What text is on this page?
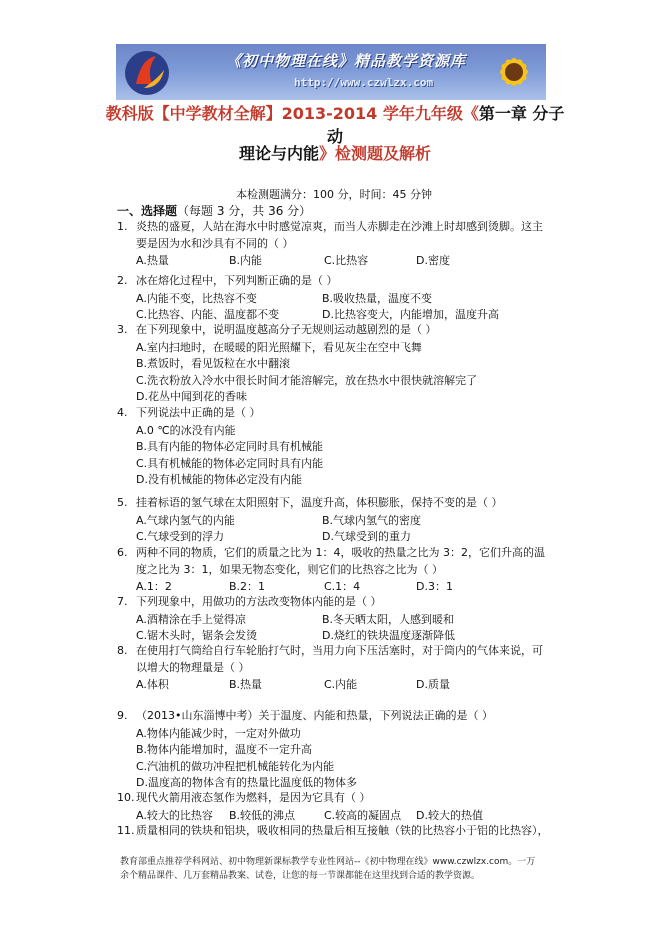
《初中物理在线》精品教学资源库
http://www.czwlzx.com
教科版【中学教材全解】2013-2014 学年九年级《第一章 分子动
理论与内能》检测题及解析
本检测题满分：100 分，时间：45 分钟
一、选择题（每题 3 分，共 36 分）
1. 炎热的盛夏，人站在海水中时感觉凉爽，而当人赤脚走在沙滩上时却感到烫脚。这主
要是因为水和沙具有不同的（ ）
A.热量	B.内能	C.比热容	D.密度
2. 冰在熔化过程中，下列判断正确的是（ ）
A.内能不变，比热容不变	B.吸收热量，温度不变
C.比热容、内能、温度都不变	D.比热容变大，内能增加，温度升高
3. 在下列现象中，说明温度越高分子无规则运动越剧烈的是（ ）
A.室内扫地时，在暖暖的阳光照耀下，看见灰尘在空中飞舞
B.煮饭时，看见饭粒在水中翻滚
C.洗衣粉放入冷水中很长时间才能溶解完，放在热水中很快就溶解完了
D.花丛中闻到花的香味
4. 下列说法中正确的是（ ）
A.0 ℃的冰没有内能
B.具有内能的物体必定同时具有机械能
C.具有机械能的物体必定同时具有内能
D.没有机械能的物体必定没有内能
5. 挂着标语的氢气球在太阳照射下，温度升高，体积膨胀，保持不变的是（ ）
A.气球内氢气的内能	B.气球内氢气的密度
C.气球受到的浮力	D.气球受到的重力
6. 两种不同的物质，它们的质量之比为 1：4，吸收的热量之比为 3：2，它们升高的温
度之比为 3：1，如果无物态变化，则它们的比热容之比为（ ）
A.1：2	B.2：1	C.1：4	D.3：1
7. 下列现象中，用做功的方法改变物体内能的是（ ）
A.酒精涂在手上觉得凉	B.冬天晒太阳，人感到暖和
C.锯木头时，锯条会发烫	D.烧红的铁块温度逐渐降低
8. 在使用打气筒给自行车轮胎打气时，当用力向下压活塞时，对于筒内的气体来说，可
以增大的物理量是（ ）
A.体积	B.热量	C.内能	D.质量
9. （2013•山东淄博中考）关于温度、内能和热量，下列说法正确的是（ ）
A.物体内能减少时，一定对外做功
B.物体内能增加时，温度不一定升高
C.汽油机的做功冲程把机械能转化为内能
D.温度高的物体含有的热量比温度低的物体多
10. 现代火箭用液态氢作为燃料，是因为它具有（ ）
A.较大的比热容 B.较低的沸点	C.较高的凝固点 D.较大的热值
11. 质量相同的铁块和铝块，吸收相同的热量后相互接触（铁的比热容小于铝的比热容），
教育部重点推荐学科网站、初中物理新课标教学专业性网站--《初中物理在线》www.czwlzx.com。一万
余个精品课件、几万套精品教案、试卷，让您的每一节课都能在这里找到合适的教学资源。
